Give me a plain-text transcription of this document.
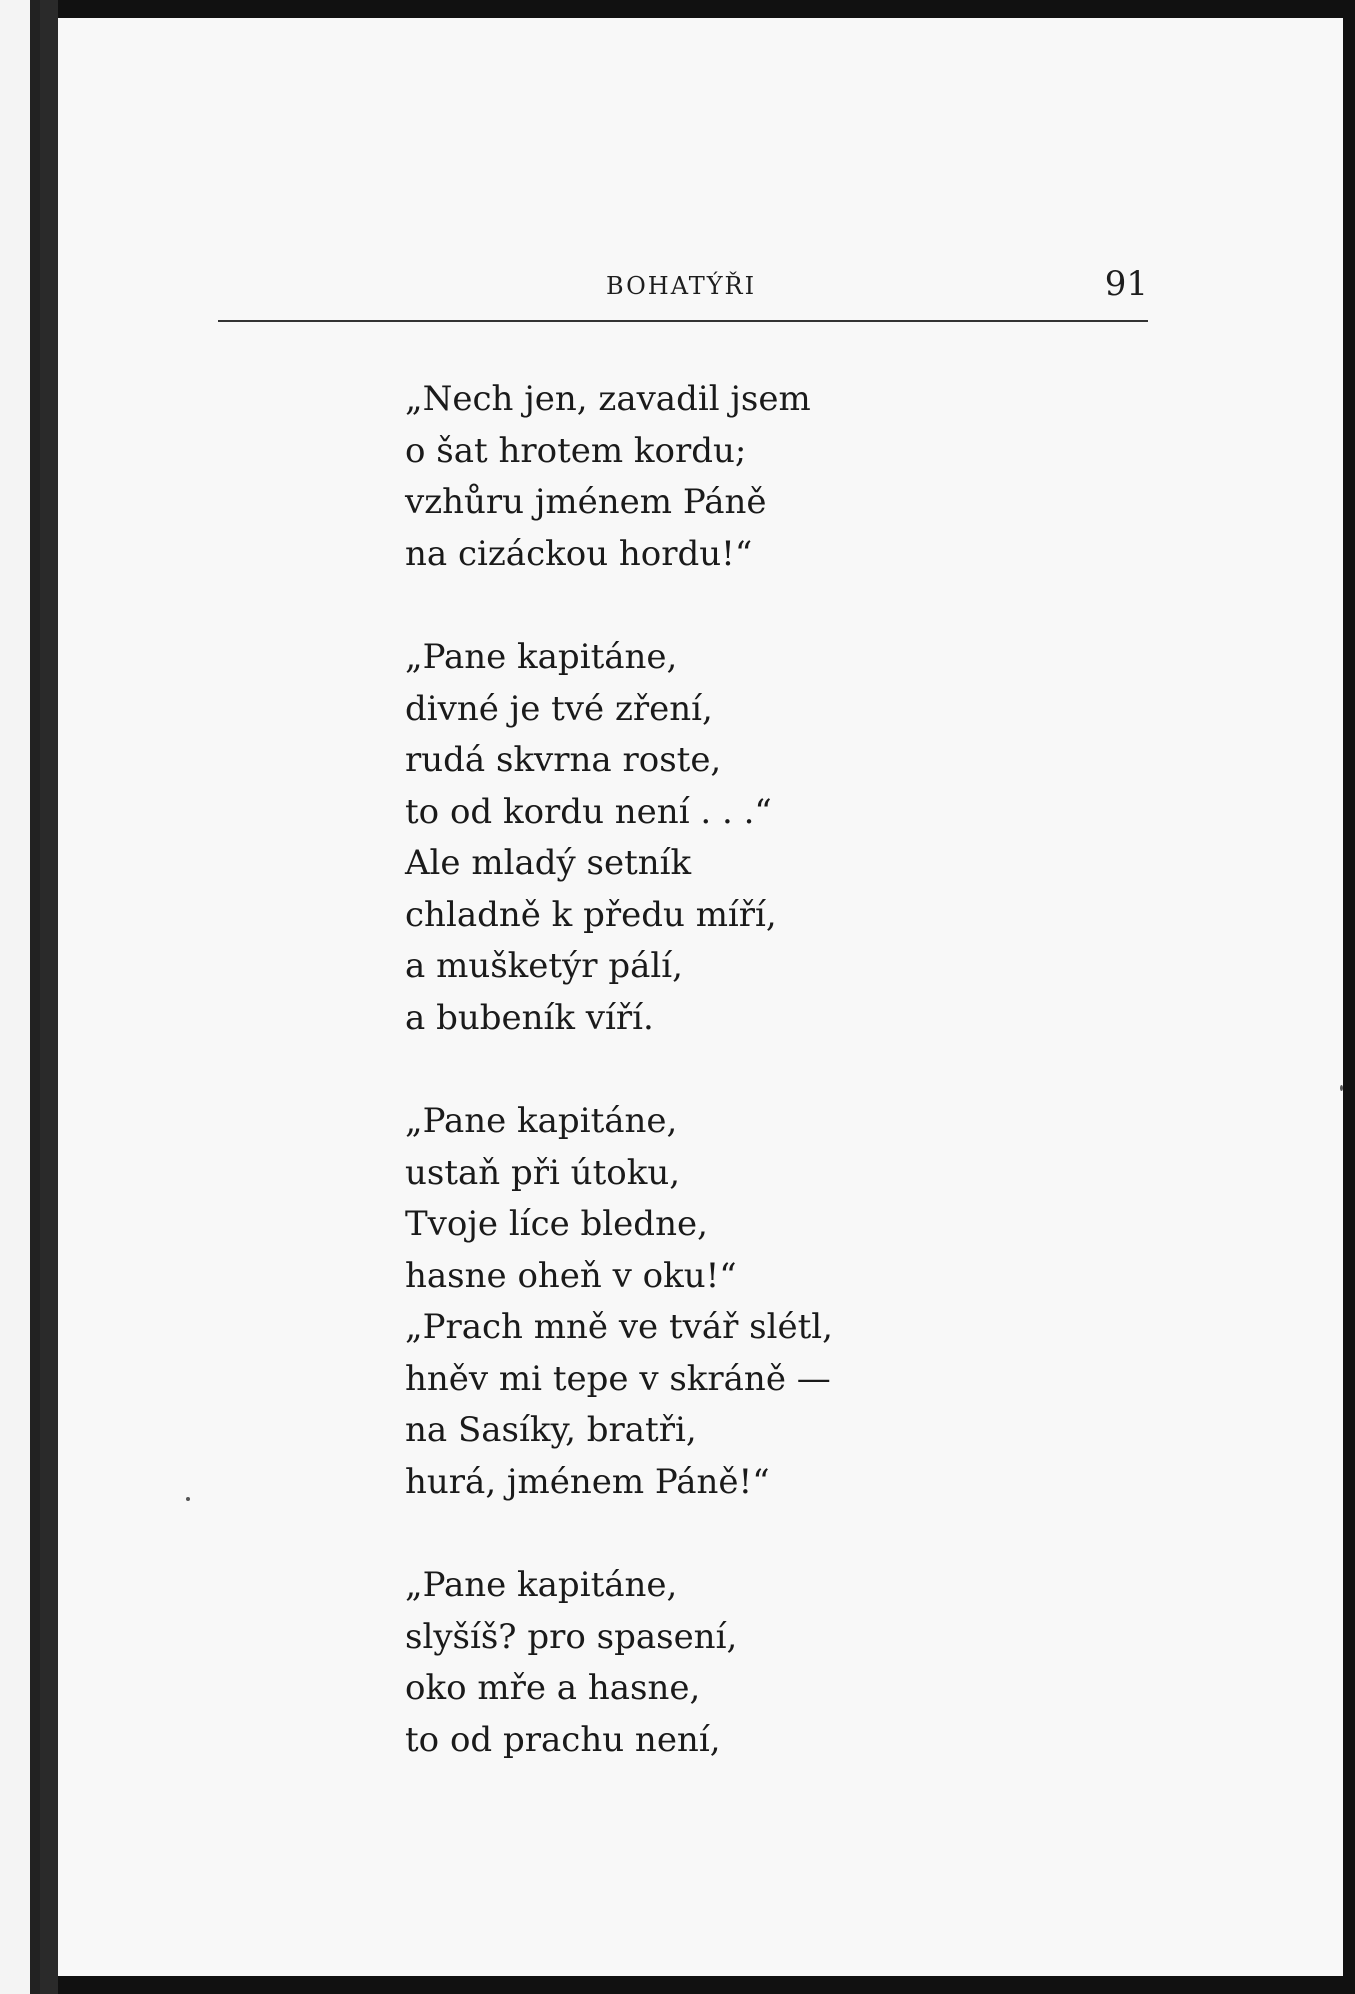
BOHATÝŘI	91
„Nech jen, zavadil jsem
o šat hrotem kordu;
vzhůru jménem Páně
na cizáckou hordu!“
„Pane kapitáne,
divné je tvé zření,
rudá skvrna roste,
to od kordu není . . .“
Ale mladý setník
chladně k předu míří,
a mušketýr pálí,
a bubeník víří.
„Pane kapitáne,
ustaň při útoku,
Tvoje líce bledne,
hasne oheň v oku!“
„Prach mně ve tvář slétl,
hněv mi tepe v skráně —
na Sasíky, bratři,
hurá, jménem Páně!“
„Pane kapitáne,
slyšíš? pro spasení,
oko mře a hasne,
to od prachu není,
